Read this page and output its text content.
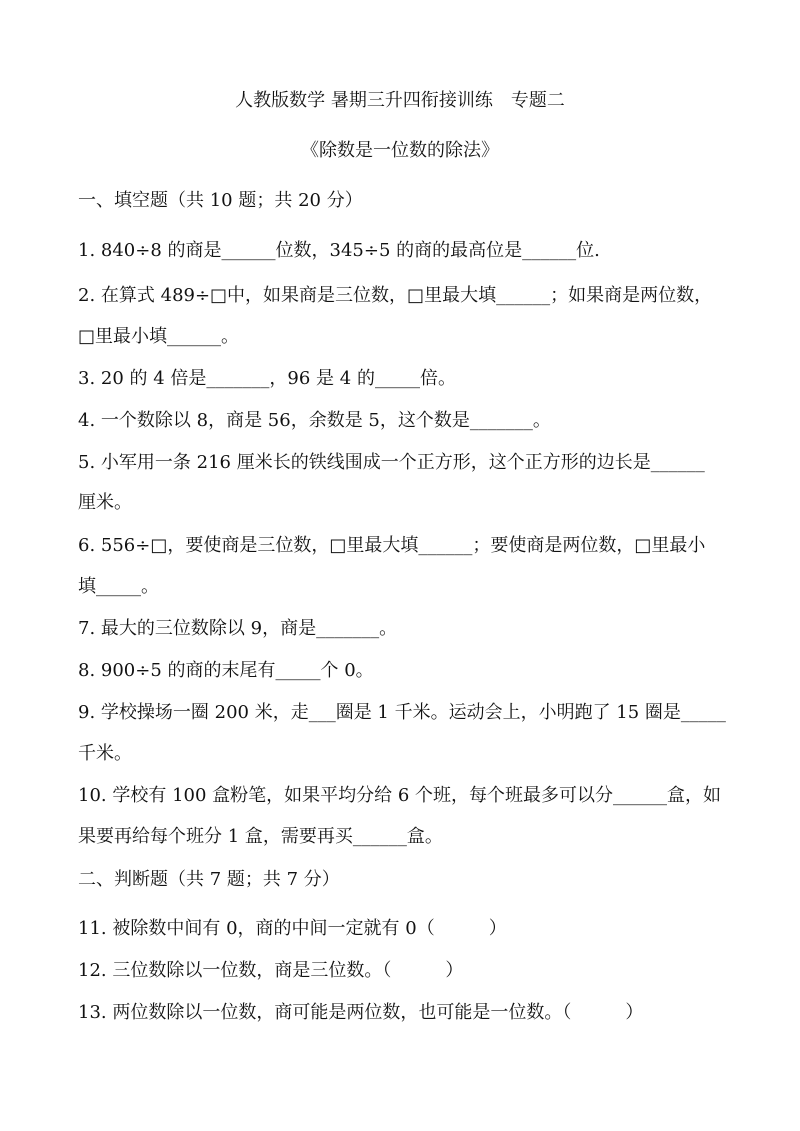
人教版数学 暑期三升四衔接训练　专题二
《除数是一位数的除法》
一、填空题（共 10 题；共 20 分）
1. 840÷8 的商是______位数，345÷5 的商的最高位是______位.
2. 在算式 489÷□中，如果商是三位数，□里最大填______；如果商是两位数，
□里最小填______。
3. 20 的 4 倍是_______，96 是 4 的_____倍。
4. 一个数除以 8，商是 56，余数是 5，这个数是_______。
5. 小军用一条 216 厘米长的铁线围成一个正方形，这个正方形的边长是______
厘米。
6. 556÷□，要使商是三位数，□里最大填______；要使商是两位数，□里最小
填_____。
7. 最大的三位数除以 9，商是_______。
8. 900÷5 的商的末尾有_____个 0。
9. 学校操场一圈 200 米，走___圈是 1 千米。运动会上，小明跑了 15 圈是_____
千米。
10. 学校有 100 盒粉笔，如果平均分给 6 个班，每个班最多可以分______盒，如
果要再给每个班分 1 盒，需要再买______盒。
二、判断题（共 7 题；共 7 分）
11. 被除数中间有 0，商的中间一定就有 0（　　　）
12. 三位数除以一位数，商是三位数。（　　　）
13. 两位数除以一位数，商可能是两位数，也可能是一位数。（　　　）
